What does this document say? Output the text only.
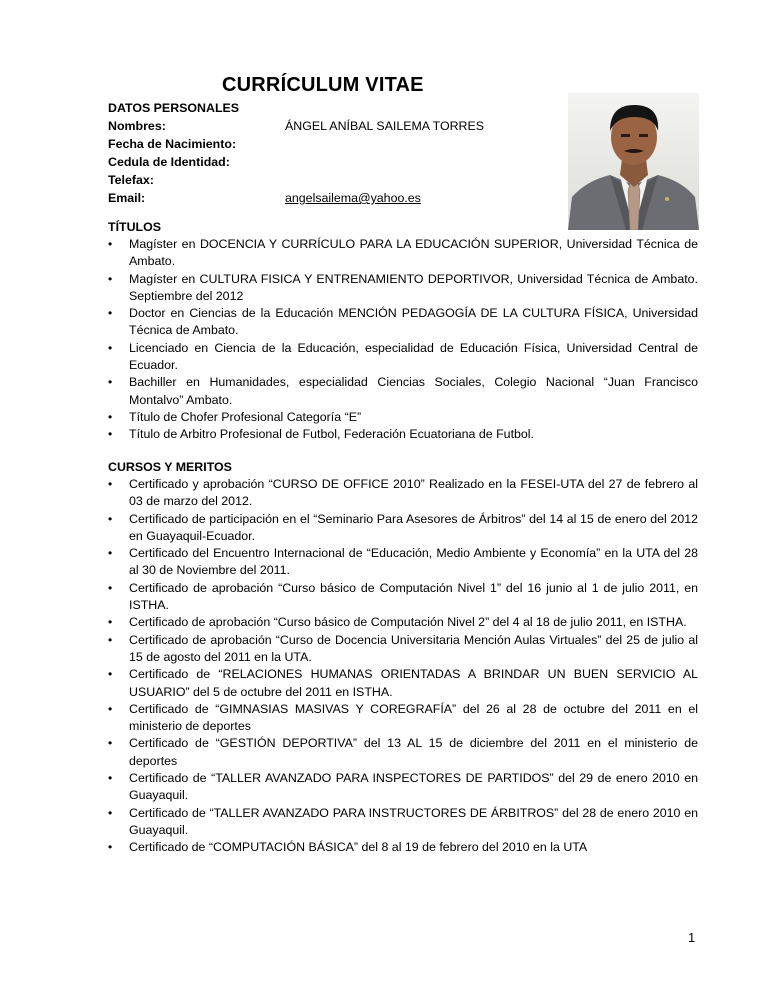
CURRÍCULUM VITAE
DATOS PERSONALES
Nombres:	ÁNGEL ANÍBAL SAILEMA TORRES
Fecha de Nacimiento:
Cedula de Identidad:
Telefax:
Email:	angelsailema@yahoo.es
TÍTULOS
• Magíster en DOCENCIA Y CURRÍCULO PARA LA EDUCACIÓN SUPERIOR, Universidad Técnica de Ambato.
• Magíster en CULTURA FISICA Y ENTRENAMIENTO DEPORTIVOR, Universidad Técnica de Ambato. Septiembre del 2012
• Doctor en Ciencias de la Educación MENCIÓN PEDAGOGÍA DE LA CULTURA FÍSICA, Universidad Técnica de Ambato.
• Licenciado en Ciencia de la Educación, especialidad de Educación Física, Universidad Central de Ecuador.
• Bachiller en Humanidades, especialidad Ciencias Sociales, Colegio Nacional “Juan Francisco Montalvo” Ambato.
• Título de Chofer Profesional Categoría “E”
• Título de Arbitro Profesional de Futbol, Federación Ecuatoriana de Futbol.
CURSOS Y MERITOS
• Certificado y aprobación “CURSO DE OFFICE 2010” Realizado en la FESEI-UTA del 27 de febrero al 03 de marzo del 2012.
• Certificado de participación en el “Seminario Para Asesores de Árbitros” del 14 al 15 de enero del 2012 en Guayaquil-Ecuador.
• Certificado del Encuentro Internacional de “Educación, Medio Ambiente y Economía” en la UTA del 28 al 30 de Noviembre del 2011.
• Certificado de aprobación “Curso básico de Computación Nivel 1” del 16 junio al 1 de julio 2011, en ISTHA.
• Certificado de aprobación “Curso básico de Computación Nivel 2” del 4 al 18 de julio 2011, en ISTHA.
• Certificado de aprobación “Curso de Docencia Universitaria Mención Aulas Virtuales” del 25 de julio al 15 de agosto del 2011 en la UTA.
• Certificado de “RELACIONES HUMANAS ORIENTADAS A BRINDAR UN BUEN SERVICIO AL USUARIO” del 5 de octubre del 2011 en ISTHA.
• Certificado de “GIMNASIAS MASIVAS Y COREGRAFÍA” del 26 al 28 de octubre del 2011 en el ministerio de deportes
• Certificado de “GESTIÓN DEPORTIVA” del 13 AL 15 de diciembre del 2011 en el ministerio de deportes
• Certificado de “TALLER AVANZADO PARA INSPECTORES DE PARTIDOS” del 29 de enero 2010 en Guayaquil.
• Certificado de “TALLER AVANZADO PARA INSTRUCTORES DE ÁRBITROS” del 28 de enero 2010 en Guayaquil.
• Certificado de “COMPUTACIÓN BÁSICA” del 8 al 19 de febrero del 2010 en la UTA
1
